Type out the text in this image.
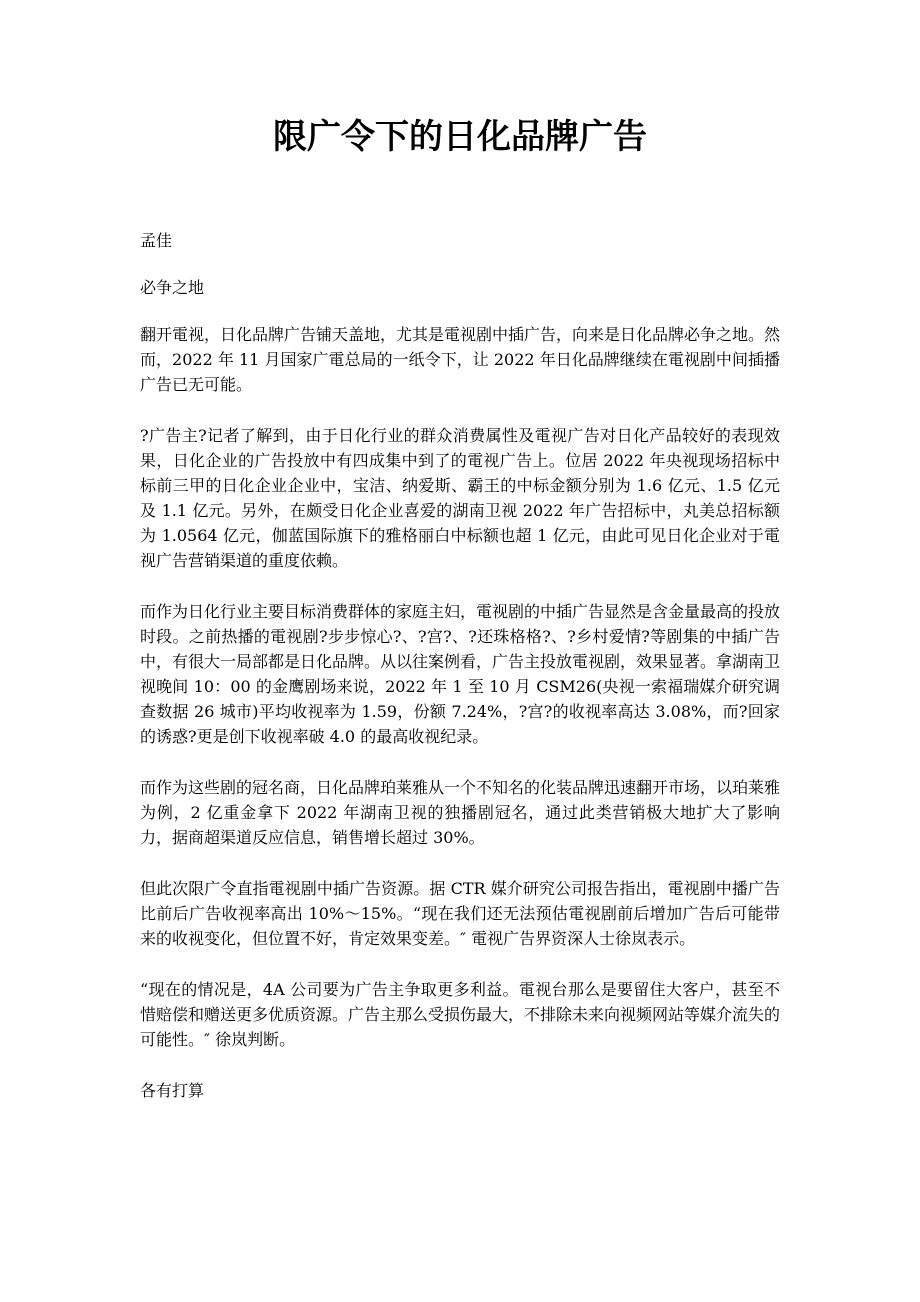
限广令下的日化品牌广告

孟佳

必争之地

翻开電视，日化品牌广告铺天盖地，尤其是電视剧中插广告，向来是日化品牌必争之地。然而，2022 年 11 月国家广電总局的一纸令下，让 2022 年日化品牌继续在電视剧中间插播广告已无可能。

?广告主?记者了解到，由于日化行业的群众消费属性及電视广告对日化产品较好的表现效果，日化企业的广告投放中有四成集中到了的電视广告上。位居 2022 年央视现场招标中标前三甲的日化企业企业中，宝洁、纳爱斯、霸王的中标金额分别为 1.6 亿元、1.5 亿元及 1.1 亿元。另外，在颇受日化企业喜爱的湖南卫视 2022 年广告招标中，丸美总招标额为 1.0564 亿元，伽蓝国际旗下的雅格丽白中标额也超 1 亿元，由此可见日化企业对于電视广告营销渠道的重度依赖。

而作为日化行业主要目标消费群体的家庭主妇，電视剧的中插广告显然是含金量最高的投放时段。之前热播的電视剧?步步惊心?、?宫?、?还珠格格?、?乡村爱情?等剧集的中插广告中，有很大一局部都是日化品牌。从以往案例看，广告主投放電视剧，效果显著。拿湖南卫视晚间 10：00 的金鹰剧场来说，2022 年 1 至 10 月 CSM26(央视一索福瑞媒介研究调查数据 26 城市)平均收视率为 1.59，份额 7.24%，?宫?的收视率高达 3.08%，而?回家的诱惑?更是创下收视率破 4.0 的最高收视纪录。

而作为这些剧的冠名商，日化品牌珀莱雅从一个不知名的化装品牌迅速翻开市场，以珀莱雅为例，2 亿重金拿下 2022 年湖南卫视的独播剧冠名，通过此类营销极大地扩大了影响力，据商超渠道反应信息，销售增长超过 30%。

但此次限广令直指電视剧中插广告资源。据 CTR 媒介研究公司报告指出，電视剧中播广告比前后广告收视率高出 10%～15%。“现在我们还无法预估電视剧前后增加广告后可能带来的收视变化，但位置不好，肯定效果变差。″ 電视广告界资深人士徐岚表示。

“现在的情况是，4A 公司要为广告主争取更多利益。電视台那么是要留住大客户，甚至不惜赔偿和赠送更多优质资源。广告主那么受损伤最大，不排除未来向视频网站等媒介流失的可能性。″ 徐岚判断。

各有打算
